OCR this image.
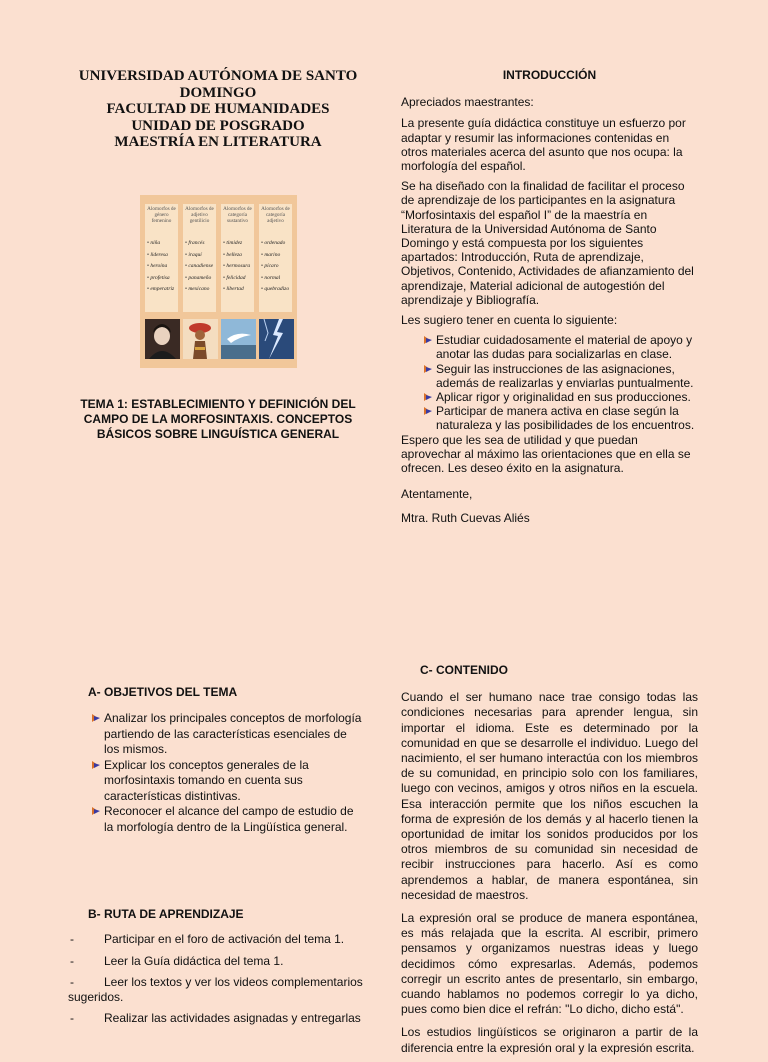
UNIVERSIDAD AUTÓNOMA DE SANTO DOMINGO
FACULTAD DE HUMANIDADES
UNIDAD DE POSGRADO
MAESTRÍA EN LITERATURA
Alomorfos de género femenino
• niña
• lideresa
• heroína
• profetisa
• emperatriz
Alomorfos de adjetivo gentilicio
• francés
• iraquí
• canadiense
• panameño
• mexicano
Alomorfos de categoría sustantivo
• timidez
• belleza
• hermosura
• felicidad
• libertad
Alomorfos de categoría adjetivo
• ordenado
• marino
• pícaro
• normal
• quebradizo
TEMA 1: ESTABLECIMIENTO Y DEFINICIÓN DEL CAMPO DE LA MORFOSINTAXIS. CONCEPTOS BÁSICOS SOBRE LINGUÍSTICA GENERAL
INTRODUCCIÓN

Apreciados maestrantes:

La presente guía didáctica constituye un esfuerzo por adaptar y resumir las informaciones contenidas en otros materiales acerca del asunto que nos ocupa: la morfología del español.

Se ha diseñado con la finalidad de facilitar el proceso de aprendizaje de los participantes en la asignatura “Morfosintaxis del español I” de la maestría en Literatura de la Universidad Autónoma de Santo Domingo y está compuesta por los siguientes apartados: Introducción, Ruta de aprendizaje, Objetivos, Contenido, Actividades de afianzamiento del aprendizaje, Material adicional de autogestión del aprendizaje y Bibliografía.

Les sugiero tener en cuenta lo siguiente:

Estudiar cuidadosamente el material de apoyo y anotar las dudas para socializarlas en clase.
Seguir las instrucciones de las asignaciones, además de realizarlas y enviarlas puntualmente.
Aplicar rigor y originalidad en sus producciones.
Participar de manera activa en clase según la naturaleza y las posibilidades de los encuentros.

Espero que les sea de utilidad y que puedan aprovechar al máximo las orientaciones que en ella se ofrecen. Les deseo éxito en la asignatura.

Atentamente,

Mtra. Ruth Cuevas Aliés

A- OBJETIVOS DEL TEMA
Analizar los principales conceptos de morfología partiendo de las características esenciales de los mismos.
Explicar los conceptos generales de la morfosintaxis tomando en cuenta sus características distintivas.
Reconocer el alcance del campo de estudio de la morfología dentro de la Lingüística general.
B- RUTA DE APRENDIZAJE
-	Participar en el foro de activación del tema 1.
-	Leer la Guía didáctica del tema 1.
-	Leer los textos y ver los videos complementarios sugeridos.
-	Realizar las actividades asignadas y entregarlas
C- CONTENIDO

Cuando el ser humano nace trae consigo todas las condiciones necesarias para aprender lengua, sin importar el idioma. Este es determinado por la comunidad en que se desarrolle el individuo. Luego del nacimiento, el ser humano interactúa con los miembros de su comunidad, en principio solo con los familiares, luego con vecinos, amigos y otros niños en la escuela. Esa interacción permite que los niños escuchen la forma de expresión de los demás y al hacerlo tienen la oportunidad de imitar los sonidos producidos por los otros miembros de su comunidad sin necesidad de recibir instrucciones para hacerlo. Así es como aprendemos a hablar, de manera espontánea, sin necesidad de maestros.

La expresión oral se produce de manera espontánea, es más relajada que la escrita. Al escribir, primero pensamos y organizamos nuestras ideas y luego decidimos cómo expresarlas. Además, podemos corregir un escrito antes de presentarlo, sin embargo, cuando hablamos no podemos corregir lo ya dicho, pues como bien dice el refrán: "Lo dicho, dicho está".

Los estudios lingüísticos se originaron a partir de la diferencia entre la expresión oral y la expresión escrita.
